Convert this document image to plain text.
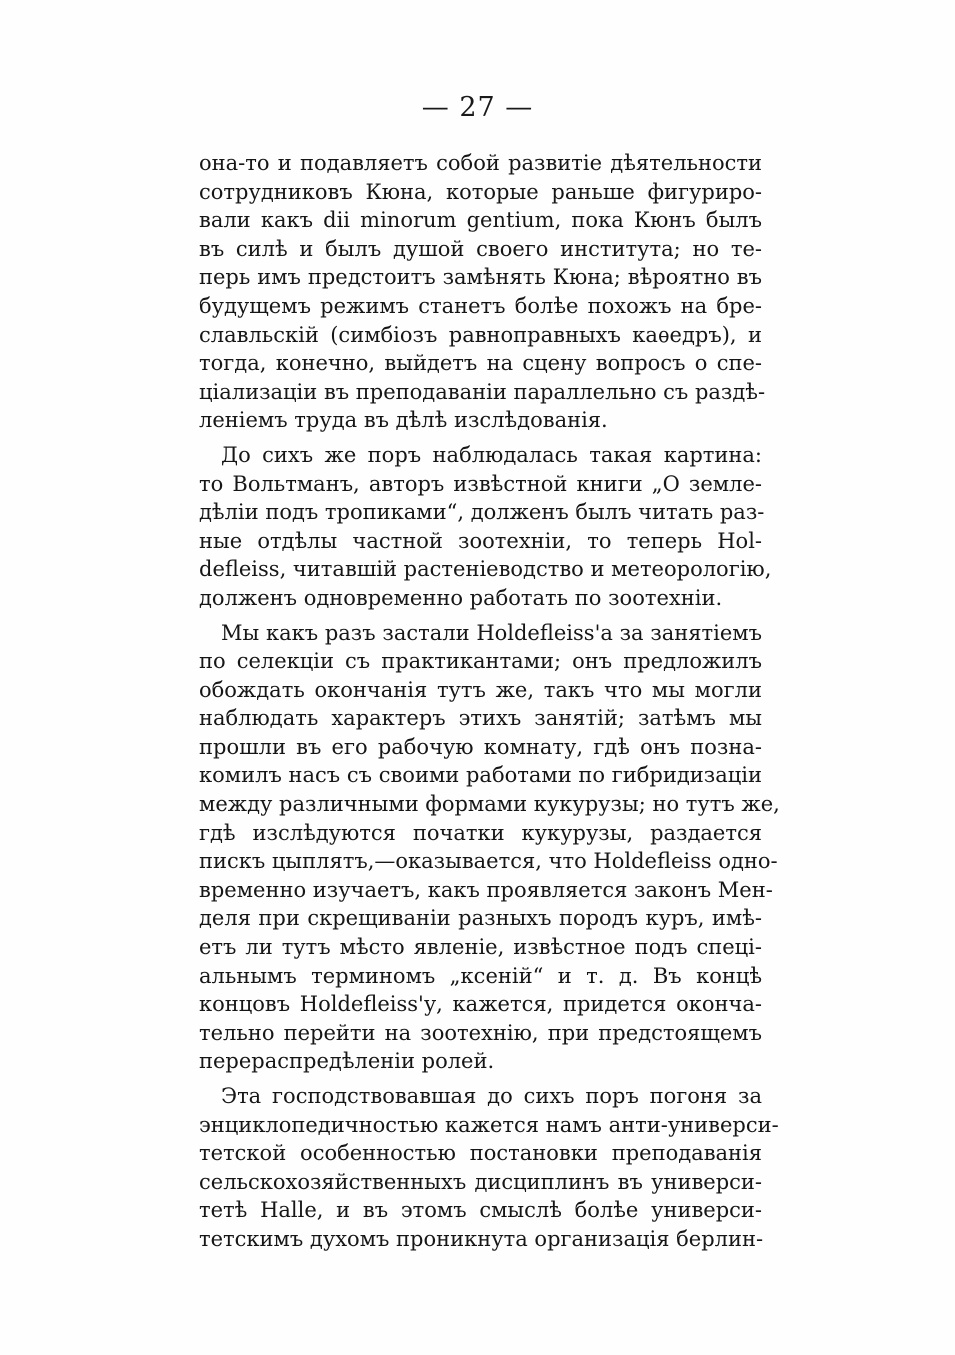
— 27 —
она-то и подавляетъ собой развитіе дѣятельности
сотрудниковъ Кюна, которые раньше фигуриро-
вали какъ dii minorum gentium, пока Кюнъ былъ
въ силѣ и былъ душой своего института; но те-
перь имъ предстоитъ замѣнять Кюна; вѣроятно въ
будущемъ режимъ станетъ болѣе похожъ на бре-
славльскій (симбіозъ равноправныхъ каѳедръ), и
тогда, конечно, выйдетъ на сцену вопросъ о спе-
ціализаціи въ преподаваніи параллельно съ раздѣ-
леніемъ труда въ дѣлѣ изслѣдованія.
До сихъ же поръ наблюдалась такая картина:
то Вольтманъ, авторъ извѣстной книги „О земле-
дѣліи подъ тропиками“, долженъ былъ читать раз-
ные отдѣлы частной зоотехніи, то теперь Hol-
defleiss, читавшій растеніеводство и метеорологію,
долженъ одновременно работать по зоотехніи.
Мы какъ разъ застали Holdefleiss'a за занятіемъ
по селекціи съ практикантами; онъ предложилъ
обождать окончанія тутъ же, такъ что мы могли
наблюдать характеръ этихъ занятій; затѣмъ мы
прошли въ его рабочую комнату, гдѣ онъ позна-
комилъ насъ съ своими работами по гибридизаціи
между различными формами кукурузы; но тутъ же,
гдѣ изслѣдуются початки кукурузы, раздается
пискъ цыплятъ,—оказывается, что Holdefleiss одно-
временно изучаетъ, какъ проявляется законъ Мен-
деля при скрещиваніи разныхъ породъ куръ, имѣ-
етъ ли тутъ мѣсто явленіе, извѣстное подъ спеці-
альнымъ терминомъ „ксеній“ и т. д. Въ концѣ
концовъ Holdefleiss'у, кажется, придется оконча-
тельно перейти на зоотехнію, при предстоящемъ
перераспредѣленіи ролей.
Эта господствовавшая до сихъ поръ погоня за
энциклопедичностью кажется намъ анти-универси-
тетской особенностью постановки преподаванія
сельскохозяйственныхъ дисциплинъ въ универси-
тетѣ Halle, и въ этомъ смыслѣ болѣе универси-
тетскимъ духомъ проникнута организація берлин-
